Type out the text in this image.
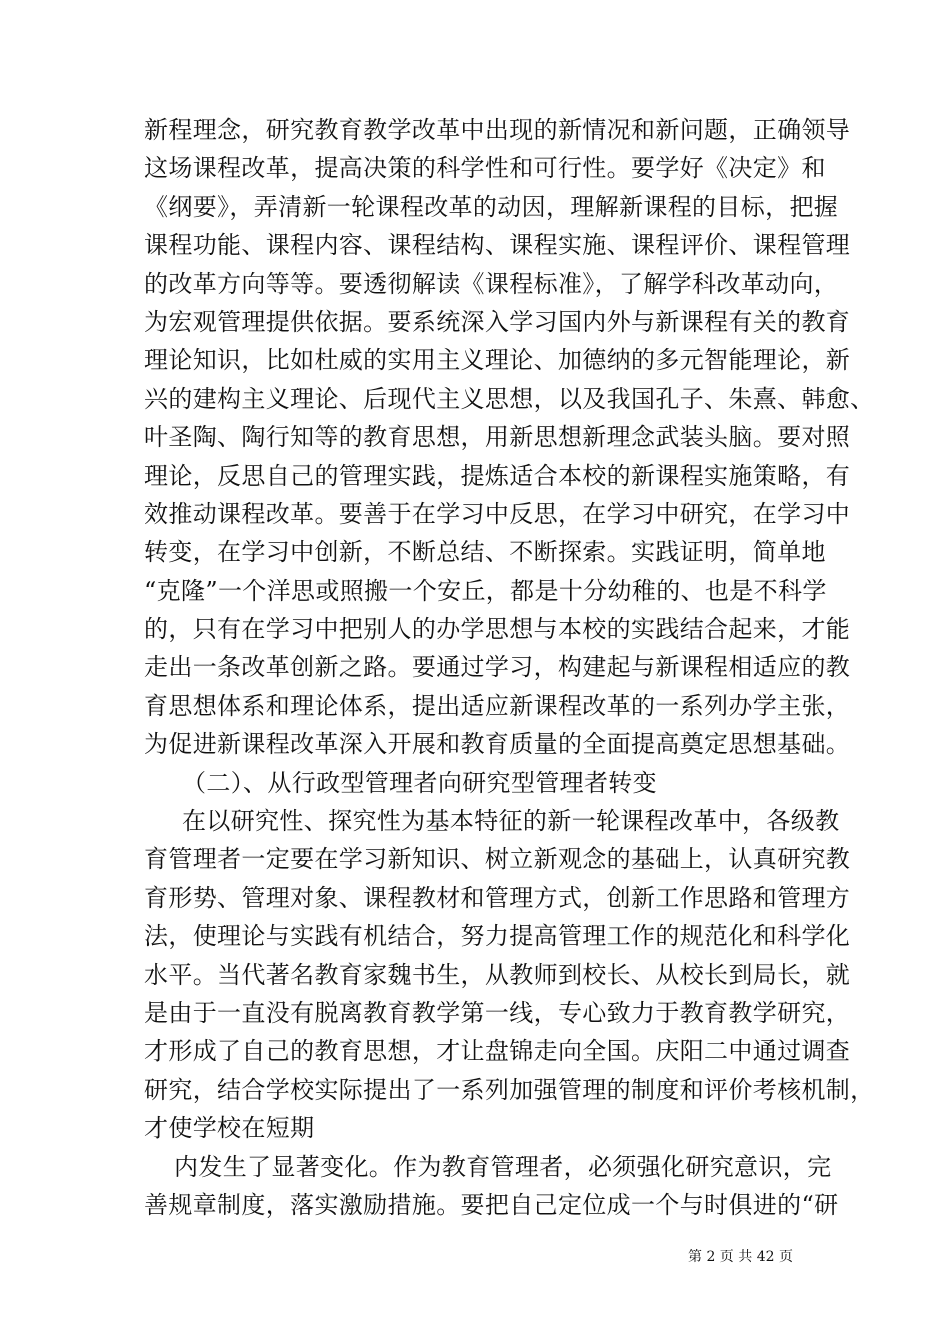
新程理念，研究教育教学改革中出现的新情况和新问题，正确领导
这场课程改革，提高决策的科学性和可行性。要学好《决定》和
《纲要》，弄清新一轮课程改革的动因，理解新课程的目标，把握
课程功能、课程内容、课程结构、课程实施、课程评价、课程管理
的改革方向等等。要透彻解读《课程标准》，了解学科改革动向，
为宏观管理提供依据。要系统深入学习国内外与新课程有关的教育
理论知识，比如杜威的实用主义理论、加德纳的多元智能理论，新
兴的建构主义理论、后现代主义思想，以及我国孔子、朱熹、韩愈、
叶圣陶、陶行知等的教育思想，用新思想新理念武装头脑。要对照
理论，反思自己的管理实践，提炼适合本校的新课程实施策略，有
效推动课程改革。要善于在学习中反思，在学习中研究，在学习中
转变，在学习中创新，不断总结、不断探索。实践证明，简单地
“克隆”一个洋思或照搬一个安丘，都是十分幼稚的、也是不科学
的，只有在学习中把别人的办学思想与本校的实践结合起来，才能
走出一条改革创新之路。要通过学习，构建起与新课程相适应的教
育思想体系和理论体系，提出适应新课程改革的一系列办学主张，
为促进新课程改革深入开展和教育质量的全面提高奠定思想基础。
（二）、从行政型管理者向研究型管理者转变
在以研究性、探究性为基本特征的新一轮课程改革中，各级教
育管理者一定要在学习新知识、树立新观念的基础上，认真研究教
育形势、管理对象、课程教材和管理方式，创新工作思路和管理方
法，使理论与实践有机结合，努力提高管理工作的规范化和科学化
水平。当代著名教育家魏书生，从教师到校长、从校长到局长，就
是由于一直没有脱离教育教学第一线，专心致力于教育教学研究，
才形成了自己的教育思想，才让盘锦走向全国。庆阳二中通过调查
研究，结合学校实际提出了一系列加强管理的制度和评价考核机制，
才使学校在短期
内发生了显著变化。作为教育管理者，必须强化研究意识，完
善规章制度，落实激励措施。要把自己定位成一个与时俱进的“研
第 2 页 共 42 页
